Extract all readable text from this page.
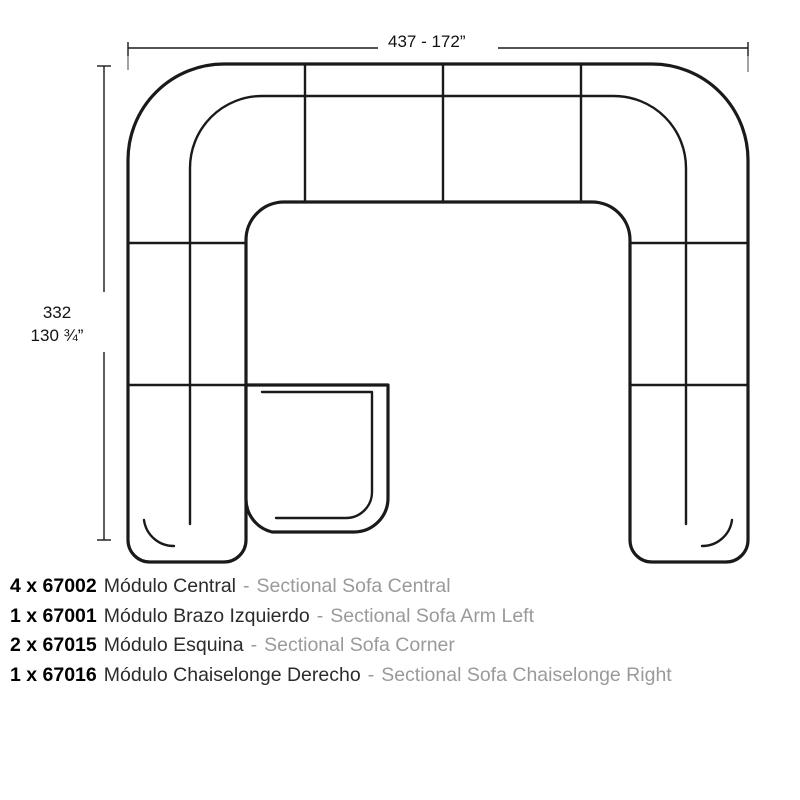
437 - 172”
332
130 ¾”
4 x 67002 Módulo Central - Sectional Sofa Central
1 x 67001 Módulo Brazo Izquierdo - Sectional Sofa Arm Left
2 x 67015 Módulo Esquina - Sectional Sofa Corner
1 x 67016 Módulo Chaiselonge Derecho - Sectional Sofa Chaiselonge Right
